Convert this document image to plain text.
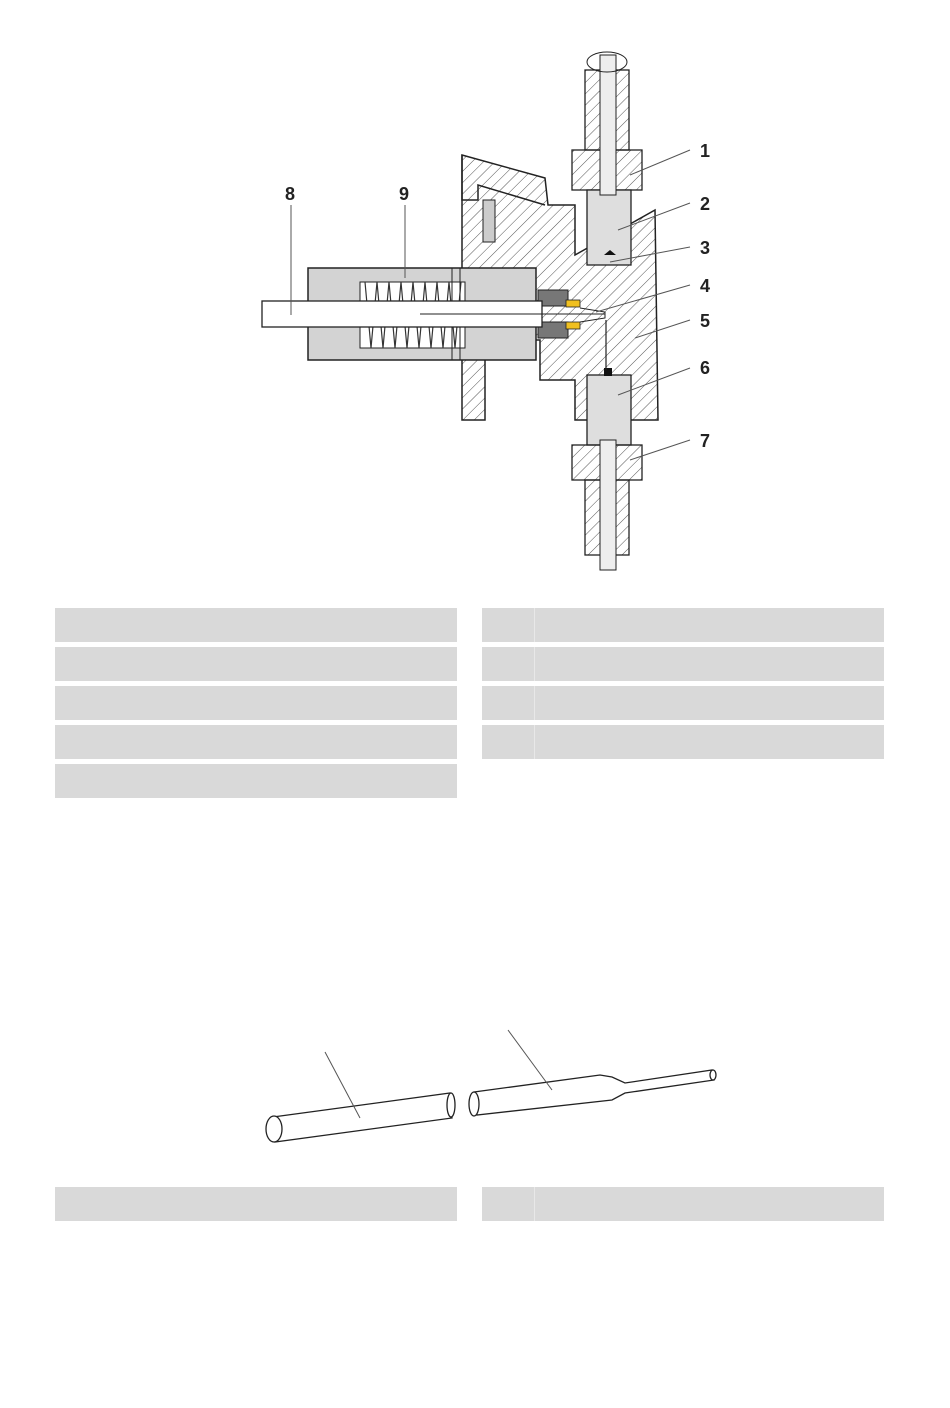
1
2
3
4
5
6
7
8	9
